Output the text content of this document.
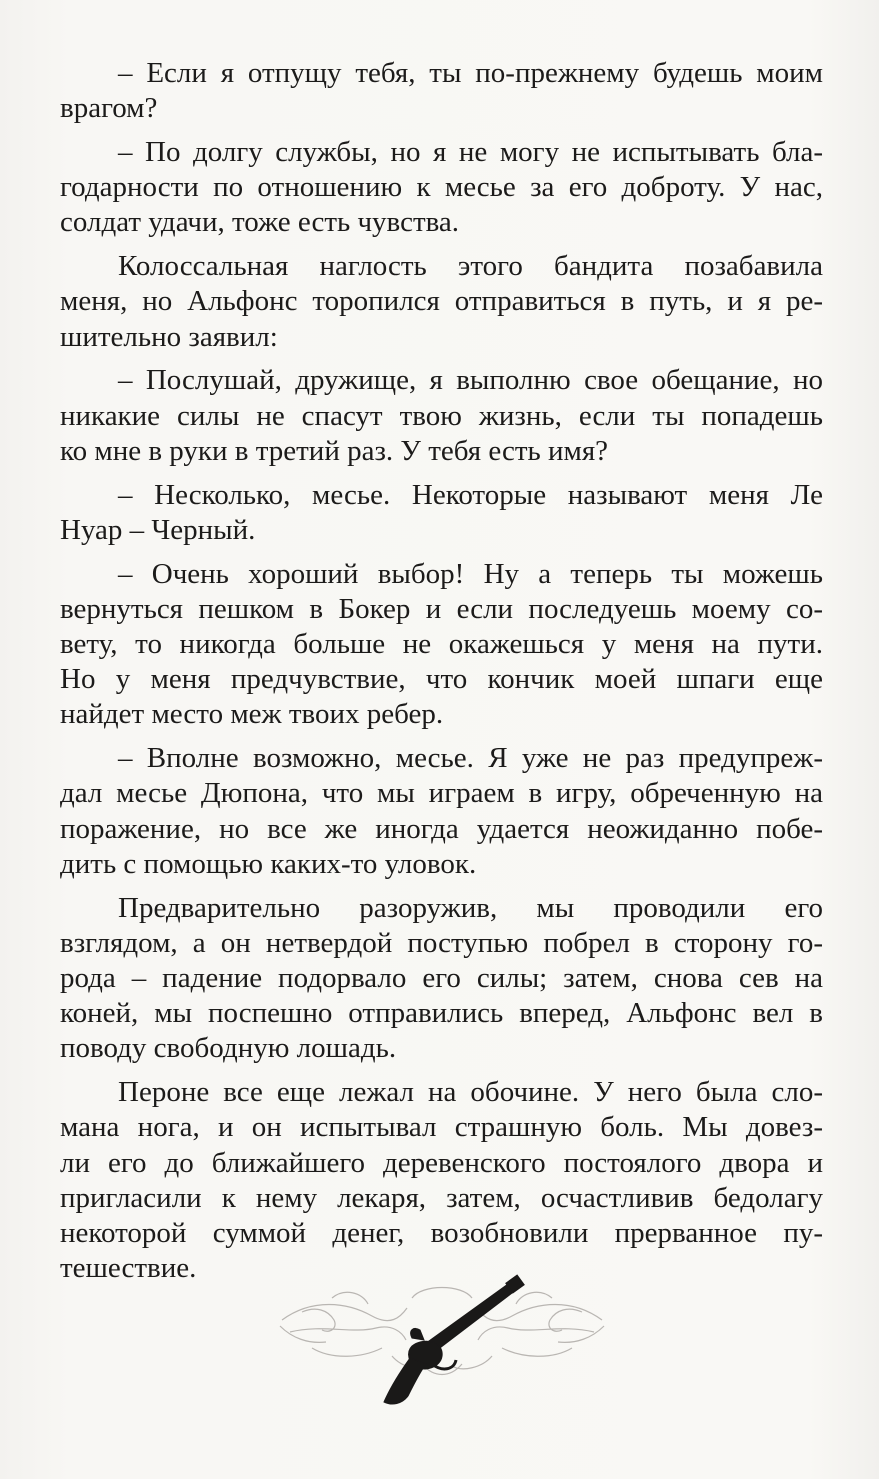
– Если я отпущу тебя, ты по-прежнему будешь моим
врагом?

– По долгу службы, но я не могу не испытывать бла-
годарности по отношению к месье за его доброту. У нас,
солдат удачи, тоже есть чувства.

Колоссальная наглость этого бандита позабавила
меня, но Альфонс торопился отправиться в путь, и я ре-
шительно заявил:

– Послушай, дружище, я выполню свое обещание, но
никакие силы не спасут твою жизнь, если ты попадешь
ко мне в руки в третий раз. У тебя есть имя?

– Несколько, месье. Некоторые называют меня Ле
Нуар – Черный.

– Очень хороший выбор! Ну а теперь ты можешь
вернуться пешком в Бокер и если последуешь моему со-
вету, то никогда больше не окажешься у меня на пути.
Но у меня предчувствие, что кончик моей шпаги еще
найдет место меж твоих ребер.

– Вполне возможно, месье. Я уже не раз предупреж-
дал месье Дюпона, что мы играем в игру, обреченную на
поражение, но все же иногда удается неожиданно побе-
дить с помощью каких-то уловок.

Предварительно разоружив, мы проводили его
взглядом, а он нетвердой поступью побрел в сторону го-
рода – падение подорвало его силы; затем, снова сев на
коней, мы поспешно отправились вперед, Альфонс вел в
поводу свободную лошадь.

Пероне все еще лежал на обочине. У него была сло-
мана нога, и он испытывал страшную боль. Мы довез-
ли его до ближайшего деревенского постоялого двора и
пригласили к нему лекаря, затем, осчастливив бедолагу
некоторой суммой денег, возобновили прерванное пу-
тешествие.
